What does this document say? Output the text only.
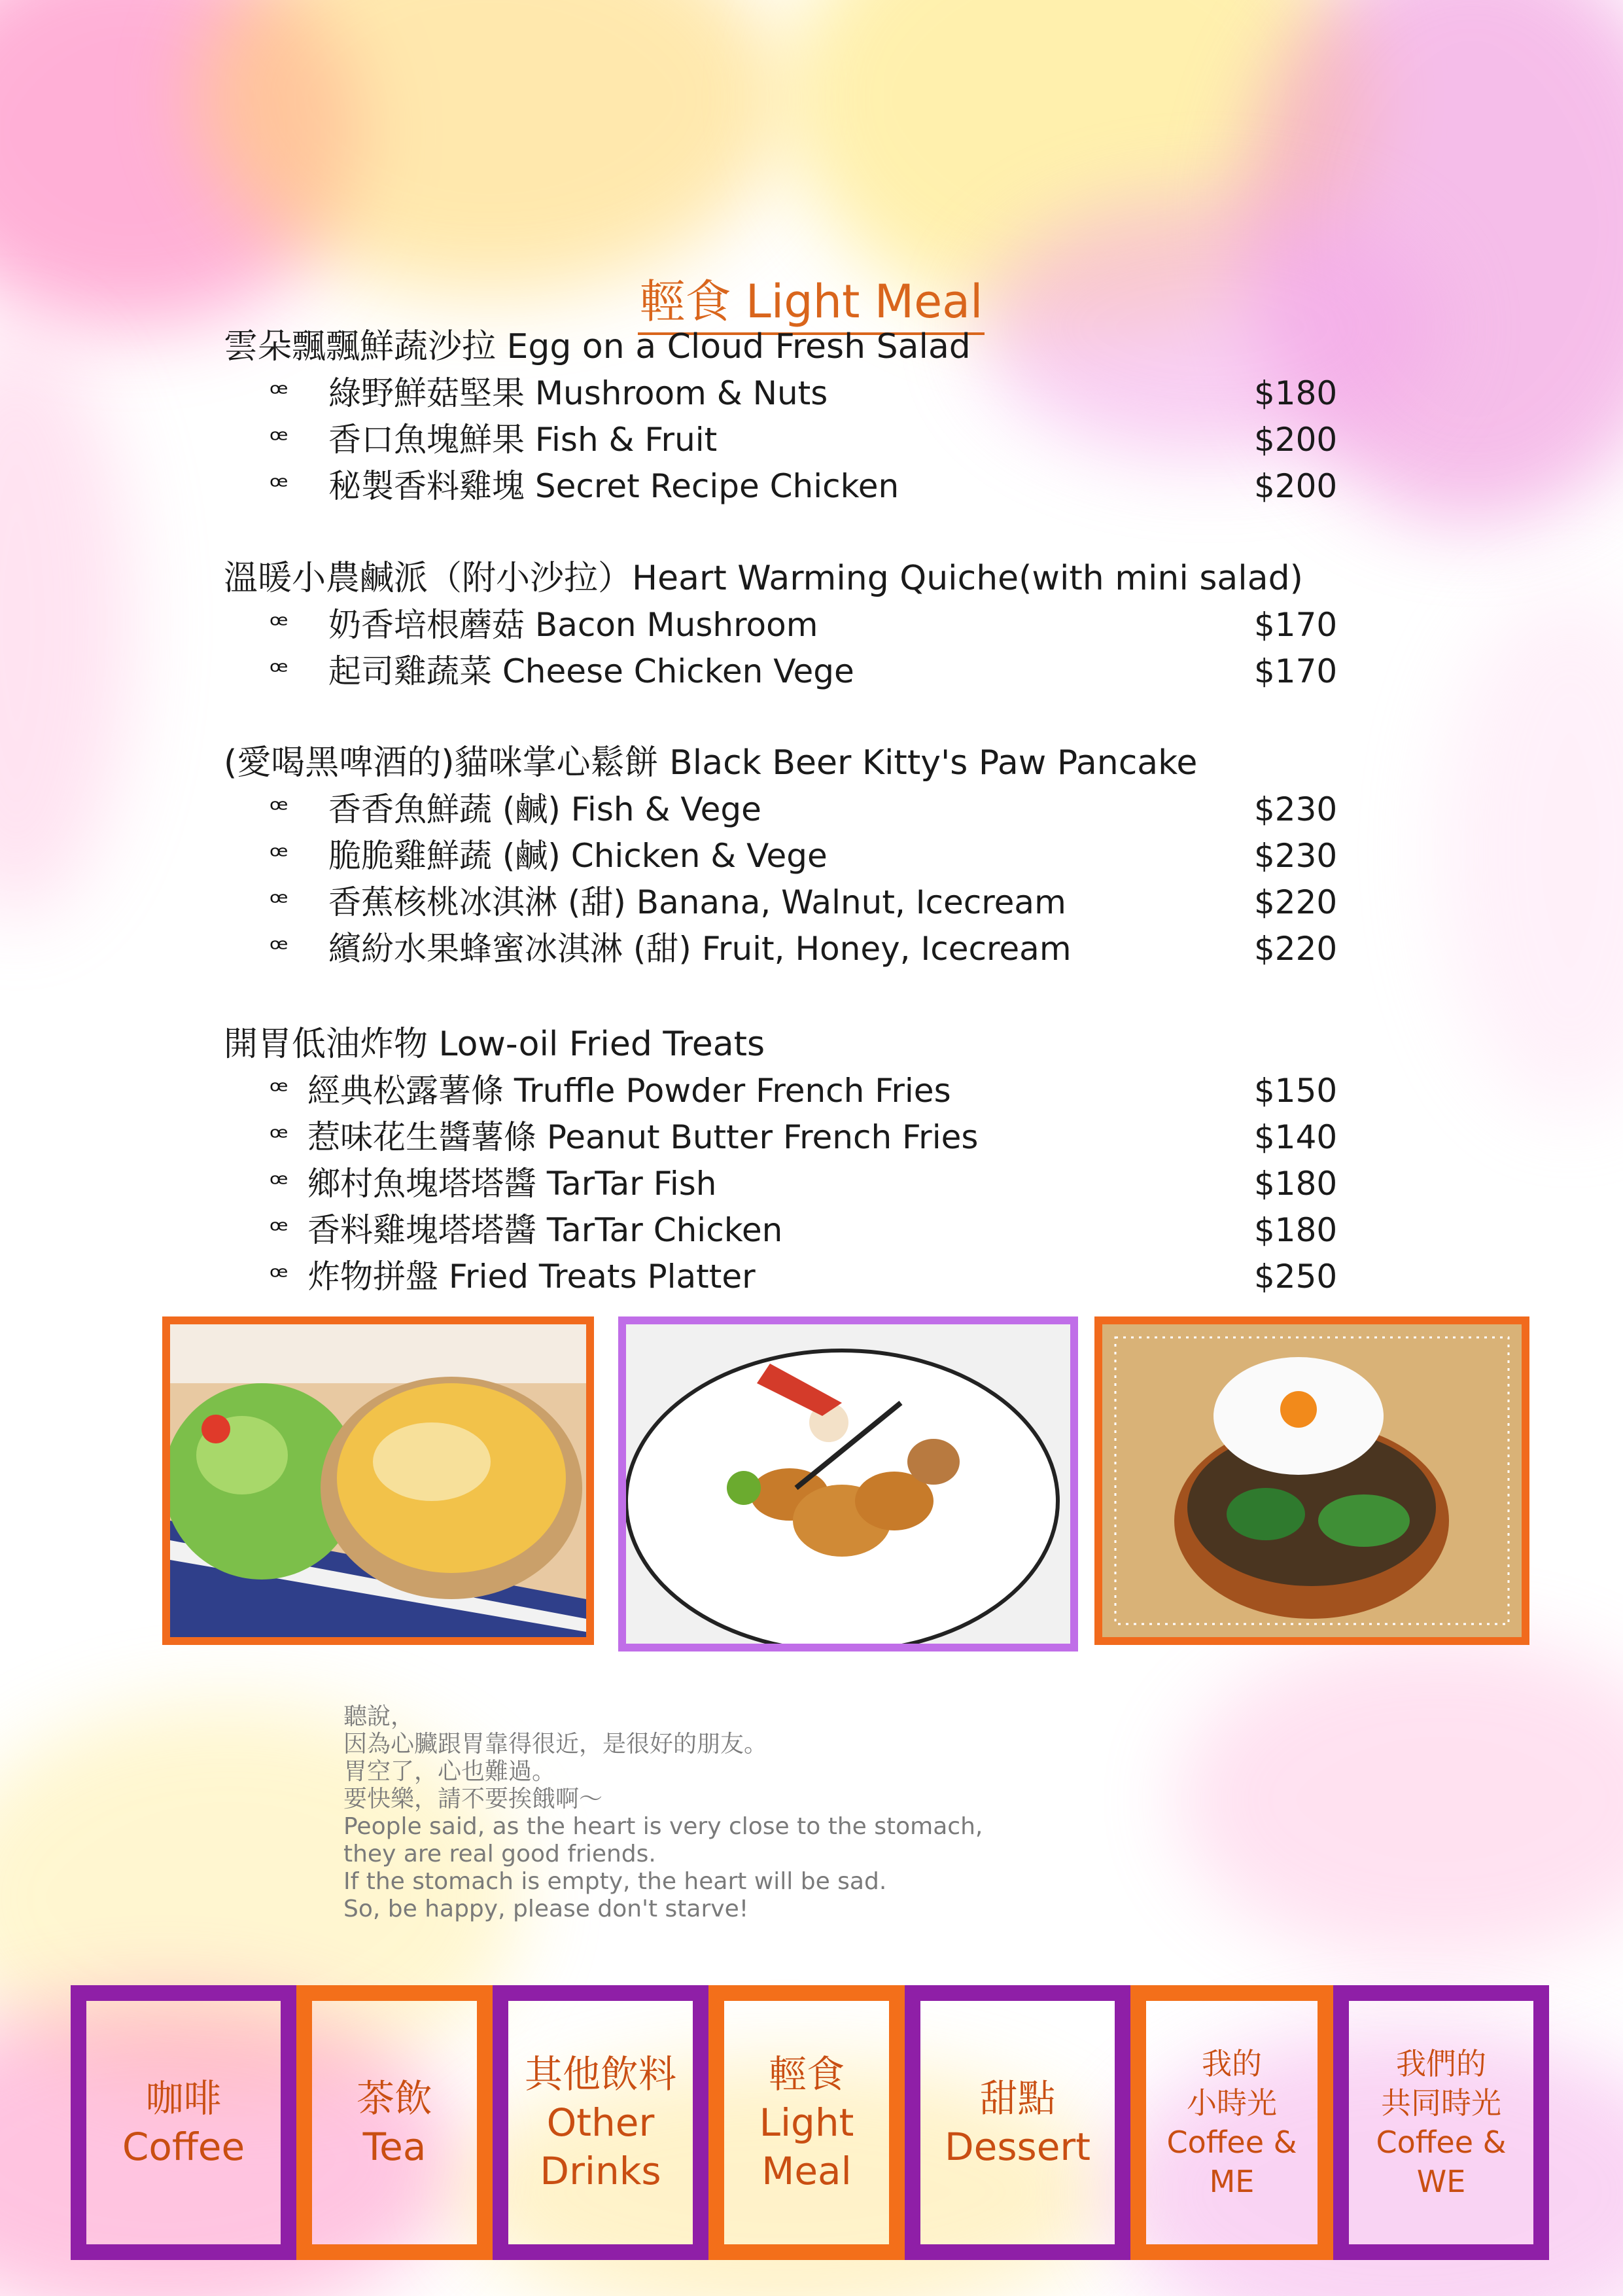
輕食 Light Meal
雲朵飄飄鮮蔬沙拉 Egg on a Cloud Fresh Salad
ꟹ 綠野鮮菇堅果 Mushroom & Nuts	$180
ꟹ 香口魚塊鮮果 Fish & Fruit	$200
ꟹ 秘製香料雞塊 Secret Recipe Chicken	$200
溫暖小農鹹派（附小沙拉）Heart Warming Quiche(with mini salad)
ꟹ 奶香培根蘑菇 Bacon Mushroom	$170
ꟹ 起司雞蔬菜 Cheese Chicken Vege	$170
(愛喝黑啤酒的)貓咪掌心鬆餅 Black Beer Kitty's Paw Pancake
ꟹ 香香魚鮮蔬 (鹹) Fish & Vege	$230
ꟹ 脆脆雞鮮蔬 (鹹) Chicken & Vege	$230
ꟹ 香蕉核桃冰淇淋 (甜) Banana, Walnut, Icecream	$220
ꟹ 繽紛水果蜂蜜冰淇淋 (甜) Fruit, Honey, Icecream	$220
開胃低油炸物 Low-oil Fried Treats
ꟹ 經典松露薯條 Truffle Powder French Fries	$150
ꟹ 惹味花生醬薯條 Peanut Butter French Fries	$140
ꟹ 鄉村魚塊塔塔醬 TarTar Fish	$180
ꟹ 香料雞塊塔塔醬 TarTar Chicken	$180
ꟹ 炸物拼盤 Fried Treats Platter	$250
聽說，
因為心臟跟胃靠得很近，是很好的朋友。
胃空了，心也難過。
要快樂，請不要挨餓啊～
People said, as the heart is very close to the stomach,
they are real good friends.
If the stomach is empty, the heart will be sad.
So, be happy, please don't starve!
咖啡
Coffee
茶飲
Tea
其他飲料
Other
Drinks
輕食
Light
Meal
甜點
Dessert
我的
小時光
Coffee &
ME
我們的
共同時光
Coffee &
WE
